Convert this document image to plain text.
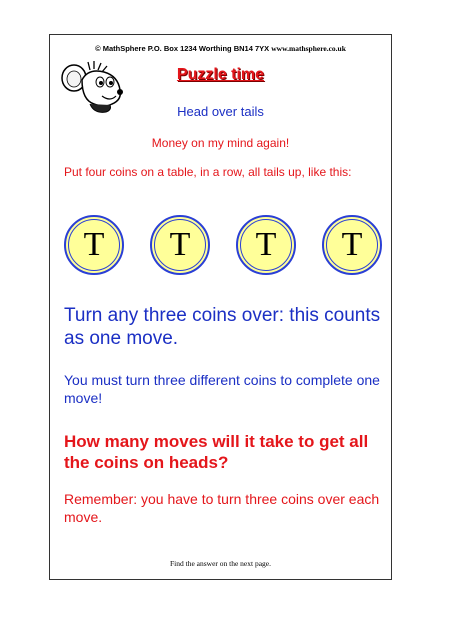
© MathSphere P.O. Box 1234 Worthing BN14 7YX www.mathsphere.co.uk
Puzzle time
Head over tails
Money on my mind again!
Put four coins on a table, in a row, all tails up, like this:
T	T	T	T
Turn any three coins over: this counts as one move.
You must turn three different coins to complete one move!
How many moves will it take to get all the coins on heads?
Remember: you have to turn three coins over each move.
Find the answer on the next page.
